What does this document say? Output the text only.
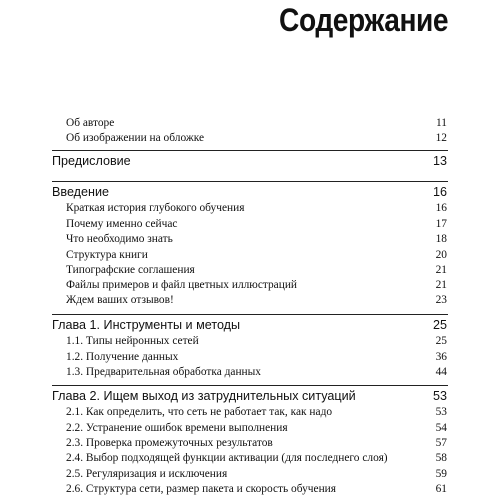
Содержание
Об авторе	11
Об изображении на обложке	12
Предисловие	13
Введение	16
Краткая история глубокого обучения	16
Почему именно сейчас	17
Что необходимо знать	18
Структура книги	20
Типографские соглашения	21
Файлы примеров и файл цветных иллюстраций	21
Ждем ваших отзывов!	23
Глава 1. Инструменты и методы	25
1.1. Типы нейронных сетей	25
1.2. Получение данных	36
1.3. Предварительная обработка данных	44
Глава 2. Ищем выход из затруднительных ситуаций	53
2.1. Как определить, что сеть не работает так, как надо	53
2.2. Устранение ошибок времени выполнения	54
2.3. Проверка промежуточных результатов	57
2.4. Выбор подходящей функции активации (для последнего слоя)	58
2.5. Регуляризация и исключения	59
2.6. Структура сети, размер пакета и скорость обучения	61
